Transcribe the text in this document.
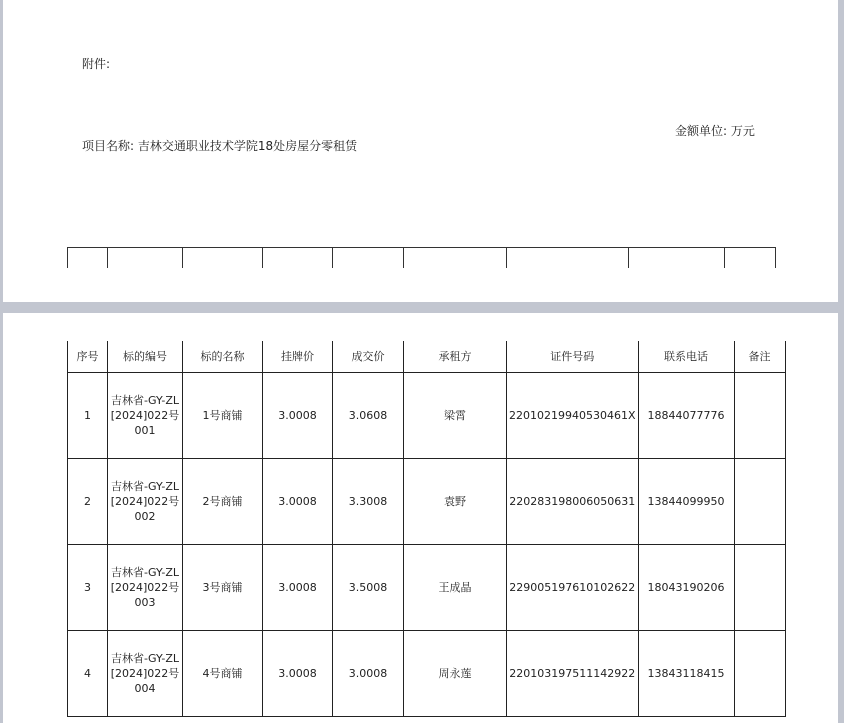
附件:
金额单位: 万元
项目名称: 吉林交通职业技术学院18处房屋分零租赁
序号	标的编号	标的名称	挂牌价	成交价	承租方	证件号码	联系电话	备注
1	吉林省-GY-ZL[2024]022号001	1号商铺	3.0008	3.0608	梁霄	22010219940530461X	18844077776	
2	吉林省-GY-ZL[2024]022号002	2号商铺	3.0008	3.3008	袁野	220283198006050631	13844099950	
3	吉林省-GY-ZL[2024]022号003	3号商铺	3.0008	3.5008	王成晶	229005197610102622	18043190206	
4	吉林省-GY-ZL[2024]022号004	4号商铺	3.0008	3.0008	周永莲	220103197511142922	13843118415	
